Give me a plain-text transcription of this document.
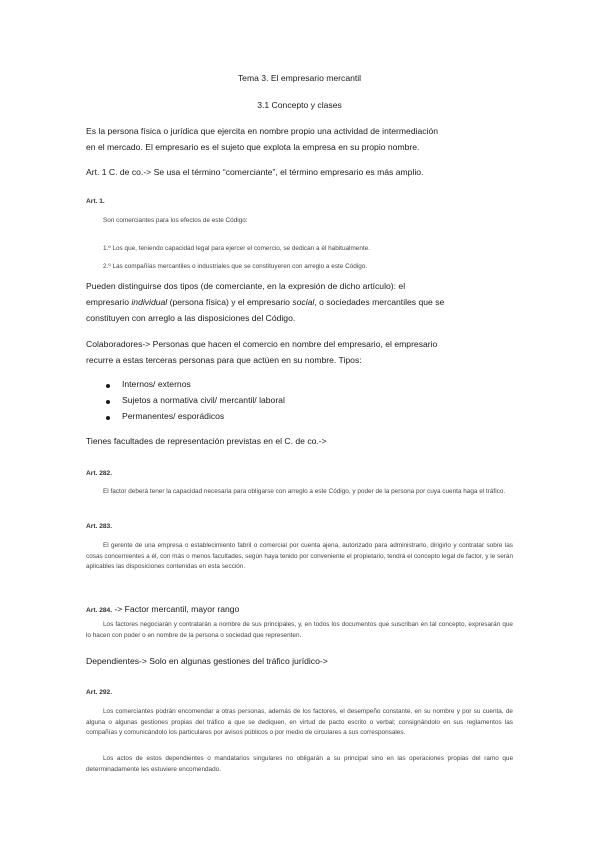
Tema 3. El empresario mercantil
3.1 Concepto y clases
Es la persona física o jurídica que ejercita en nombre propio una actividad de intermediación
en el mercado. El empresario es el sujeto que explota la empresa en su propio nombre.
Art. 1 C. de co.-> Se usa el término “comerciante”, el término empresario es más amplio.
Art. 1.
Son comerciantes para los efectos de este Código:
1.º Los que, teniendo capacidad legal para ejercer el comercio, se dedican a él habitualmente.
2.º Las compañías mercantiles o industriales que se constituyeren con arreglo a este Código.
Pueden distinguirse dos tipos (de comerciante, en la expresión de dicho artículo): el
empresario individual (persona física) y el empresario social, o sociedades mercantiles que se
constituyen con arreglo a las disposiciones del Código.
Colaboradores-> Personas que hacen el comercio en nombre del empresario, el empresario
recurre a estas terceras personas para que actúen en su nombre. Tipos:
Internos/ externos
Sujetos a normativa civil/ mercantil/ laboral
Permanentes/ esporádicos
Tienes facultades de representación previstas en el C. de co.->
Art. 282.
El factor deberá tener la capacidad necesaria para obligarse con arreglo a este Código, y poder de la persona por cuya cuenta haga el tráfico.
Art. 283.
El gerente de una empresa o establecimiento fabril o comercial por cuenta ajena, autorizado para administrarlo, dirigirlo y contratar sobre las cosas concernientes a él, con más o menos facultades, según haya tenido por conveniente el propietario, tendrá el concepto legal de factor, y le serán aplicables las disposiciones contenidas en esta sección.
Art. 284. -> Factor mercantil, mayor rango
Los factores negociarán y contratarán a nombre de sus principales, y, en todos los documentos que suscriban en tal concepto, expresarán que lo hacen con poder o en nombre de la persona o sociedad que representen.
Dependientes-> Solo en algunas gestiones del tráfico jurídico->
Art. 292.
Los comerciantes podrán encomendar a otras personas, además de los factores, el desempeño constante, en su nombre y por su cuenta, de alguna o algunas gestiones propias del tráfico a que se dediquen, en virtud de pacto escrito o verbal; consignándolo en sus reglamentos las compañías y comunicándolo los particulares por avisos públicos o por medio de circulares a sus corresponsales.
Los actos de estos dependientes o mandatarios singulares no obligarán a su principal sino en las operaciones propias del ramo que determinadamente les estuviere encomendado.
